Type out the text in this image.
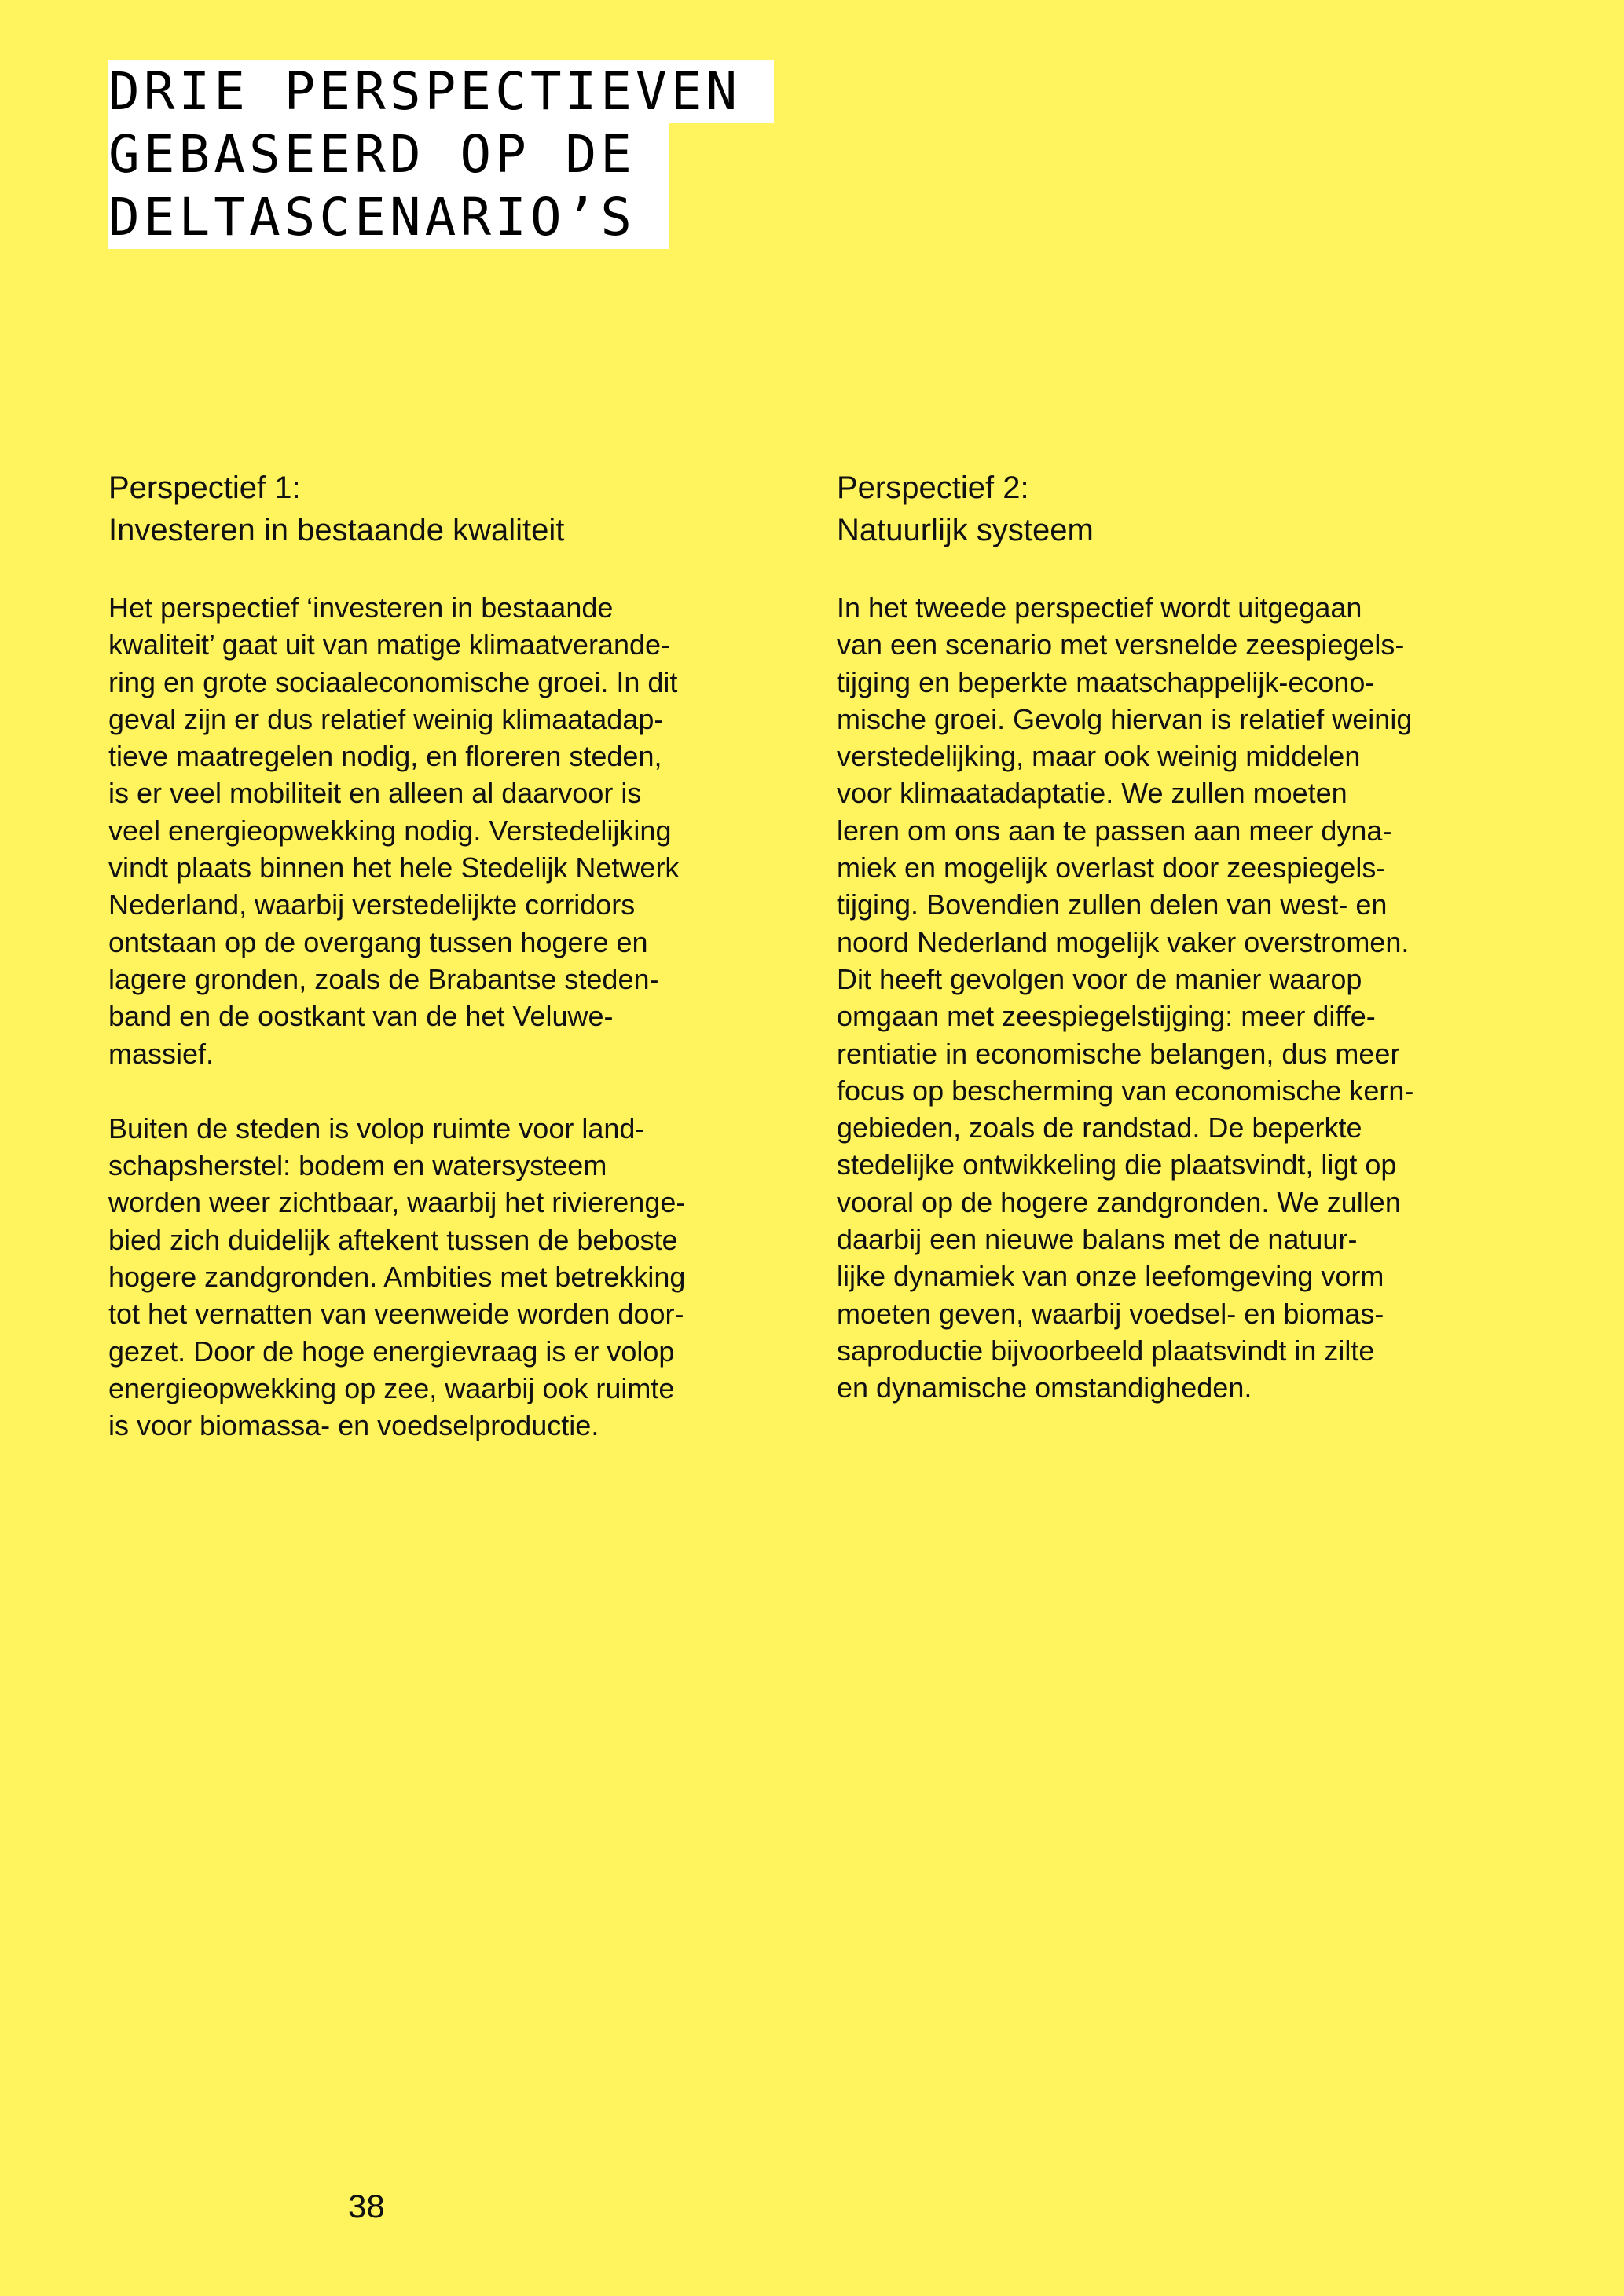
DRIE PERSPECTIEVEN
GEBASEERD OP DE
DELTASCENARIO’S
Perspectief 1:
Investeren in bestaande kwaliteit

Het perspectief ‘investeren in bestaande
kwaliteit’ gaat uit van matige klimaatverande-
ring en grote sociaaleconomische groei. In dit
geval zijn er dus relatief weinig klimaatadap-
tieve maatregelen nodig, en floreren steden,
is er veel mobiliteit en alleen al daarvoor is
veel energieopwekking nodig. Verstedelijking
vindt plaats binnen het hele Stedelijk Netwerk
Nederland, waarbij verstedelijkte corridors
ontstaan op de overgang tussen hogere en
lagere gronden, zoals de Brabantse steden-
band en de oostkant van de het Veluwe-
massief.

Buiten de steden is volop ruimte voor land-
schapsherstel: bodem en watersysteem
worden weer zichtbaar, waarbij het rivierenge-
bied zich duidelijk aftekent tussen de beboste
hogere zandgronden. Ambities met betrekking
tot het vernatten van veenweide worden door-
gezet. Door de hoge energievraag is er volop
energieopwekking op zee, waarbij ook ruimte
is voor biomassa- en voedselproductie.

Perspectief 2:
Natuurlijk systeem

In het tweede perspectief wordt uitgegaan
van een scenario met versnelde zeespiegels-
tijging en beperkte maatschappelijk-econo-
mische groei. Gevolg hiervan is relatief weinig
verstedelijking, maar ook weinig middelen
voor klimaatadaptatie. We zullen moeten
leren om ons aan te passen aan meer dyna-
miek en mogelijk overlast door zeespiegels-
tijging. Bovendien zullen delen van west- en
noord Nederland mogelijk vaker overstromen.
Dit heeft gevolgen voor de manier waarop
omgaan met zeespiegelstijging: meer diffe-
rentiatie in economische belangen, dus meer
focus op bescherming van economische kern-
gebieden, zoals de randstad. De beperkte
stedelijke ontwikkeling die plaatsvindt, ligt op
vooral op de hogere zandgronden. We zullen
daarbij een nieuwe balans met de natuur-
lijke dynamiek van onze leefomgeving vorm
moeten geven, waarbij voedsel- en biomas-
saproductie bijvoorbeeld plaatsvindt in zilte
en dynamische omstandigheden.

38
